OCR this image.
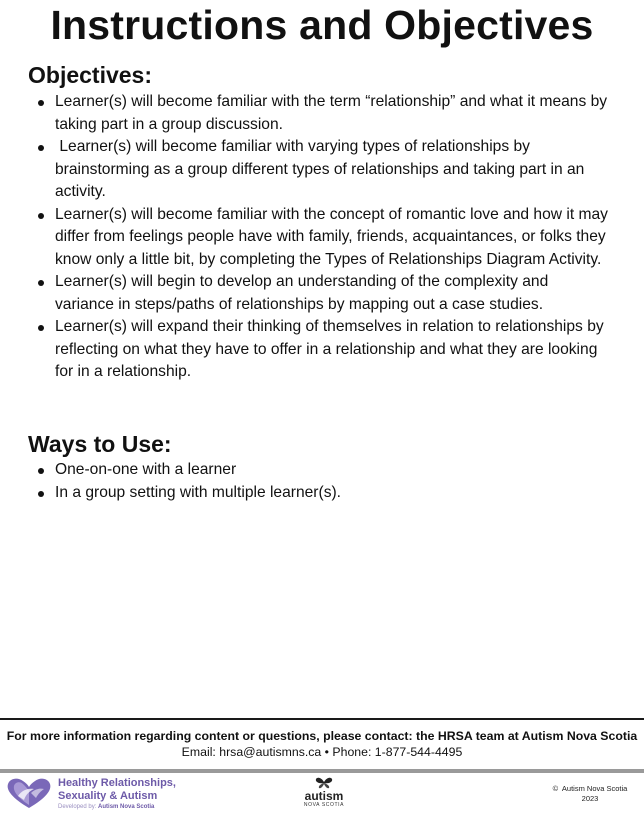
Instructions and Objectives
Objectives:
Learner(s) will become familiar with the term “relationship” and what it means by taking part in a group discussion.
Learner(s) will become familiar with varying types of relationships by brainstorming as a group different types of relationships and taking part in an activity.
Learner(s) will become familiar with the concept of romantic love and how it may differ from feelings people have with family, friends, acquaintances, or folks they know only a little bit, by completing the Types of Relationships Diagram Activity.
Learner(s) will begin to develop an understanding of the complexity and variance in steps/paths of relationships by mapping out a case studies.
Learner(s) will expand their thinking of themselves in relation to relationships by reflecting on what they have to offer in a relationship and what they are looking for in a relationship.
Ways to Use:
One-on-one with a learner
In a group setting with multiple learner(s).
For more information regarding content or questions, please contact: the HRSA team at Autism Nova Scotia
Email: hrsa@autismns.ca • Phone: 1-877-544-4495
Healthy Relationships,
Sexuality & Autism
Developed by: Autism Nova Scotia
autism
NOVA SCOTIA
©  Autism Nova Scotia
2023
